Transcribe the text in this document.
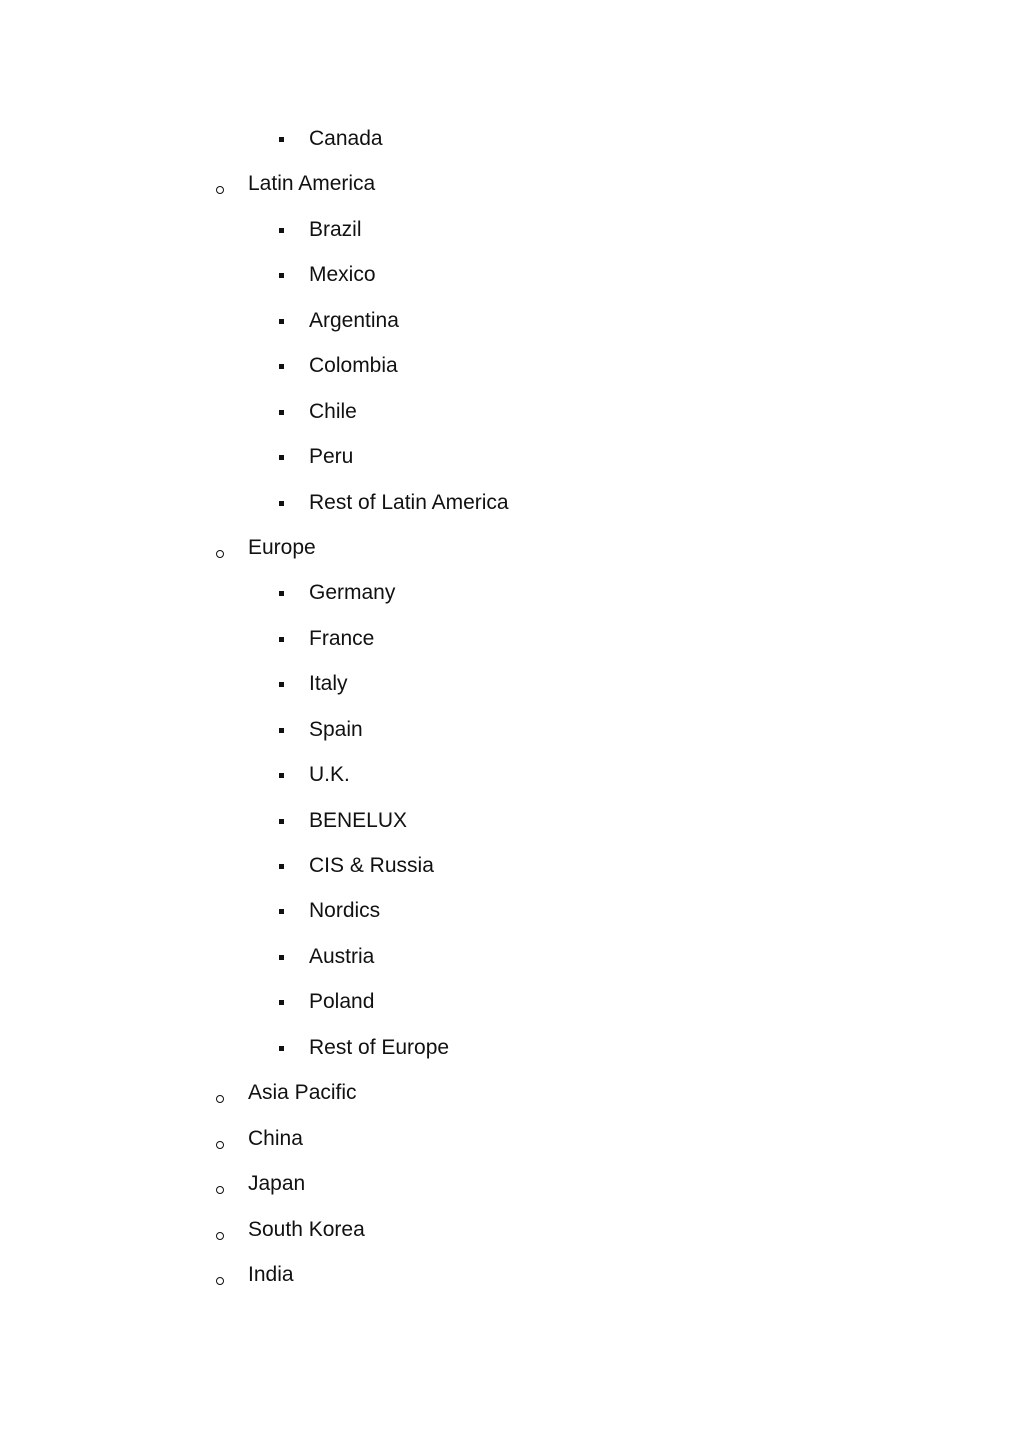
Canada
Latin America
Brazil
Mexico
Argentina
Colombia
Chile
Peru
Rest of Latin America
Europe
Germany
France
Italy
Spain
U.K.
BENELUX
CIS & Russia
Nordics
Austria
Poland
Rest of Europe
Asia Pacific
China
Japan
South Korea
India
